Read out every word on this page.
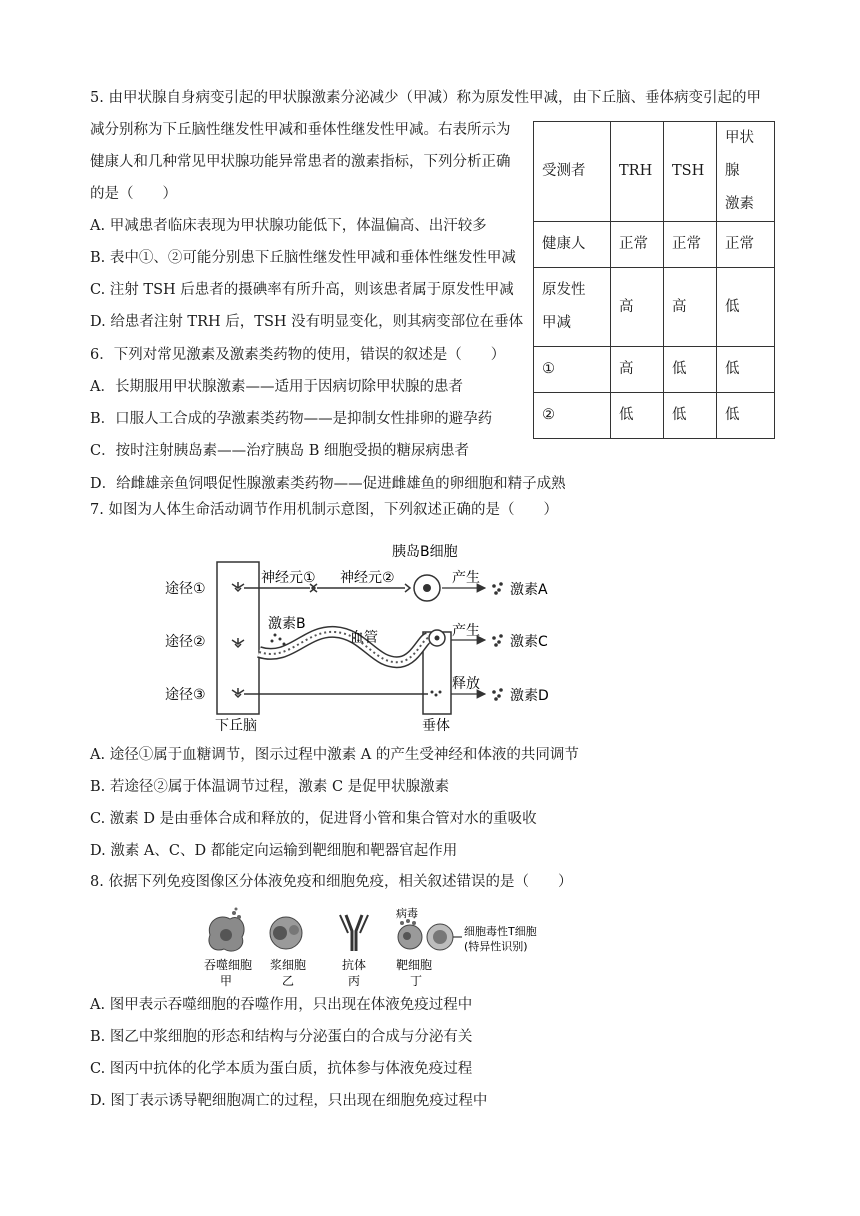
5. 由甲状腺自身病变引起的甲状腺激素分泌减少（甲减）称为原发性甲减，由下丘脑、垂体病变引起的甲
减分别称为下丘脑性继发性甲减和垂体性继发性甲减。右表所示为
健康人和几种常见甲状腺功能异常患者的激素指标，下列分析正确
的是（　　）
A. 甲减患者临床表现为甲状腺功能低下，体温偏高、出汗较多
B. 表中①、②可能分别患下丘脑性继发性甲减和垂体性继发性甲减
C. 注射 TSH 后患者的摄碘率有所升高，则该患者属于原发性甲减
D. 给患者注射 TRH 后，TSH 没有明显变化，则其病变部位在垂体
受测者	TRH	TSH	甲状腺
激素

健康人	正常	正常	正常

原发性
甲减	高	高	低
①	高	低	低
②	低	低	低
6．下列对常见激素及激素类药物的使用，错误的叙述是（　　）
A．长期服用甲状腺激素——适用于因病切除甲状腺的患者
B．口服人工合成的孕激素类药物——是抑制女性排卵的避孕药
C．按时注射胰岛素——治疗胰岛 B 细胞受损的糖尿病患者
D．给雌雄亲鱼饲喂促性腺激素类药物——促进雌雄鱼的卵细胞和精子成熟
7. 如图为人体生命活动调节作用机制示意图，下列叙述正确的是（　　）
胰岛B细胞
途径①
途径②
途径③
神经元① 神经元②
激素B
血管
产生
产生
释放
激素A
激素C
激素D
下丘脑	垂体
A. 途径①属于血糖调节，图示过程中激素 A 的产生受神经和体液的共同调节
B. 若途径②属于体温调节过程，激素 C 是促甲状腺激素
C. 激素 D 是由垂体合成和释放的，促进肾小管和集合管对水的重吸收
D. 激素 A、C、D 都能定向运输到靶细胞和靶器官起作用
8. 依据下列免疫图像区分体液免疫和细胞免疫，相关叙述错误的是（　　）
吞噬细胞
甲
浆细胞
乙
抗体
丙
病毒
靶细胞
丁
细胞毒性T细胞
(特异性识别)
A. 图甲表示吞噬细胞的吞噬作用，只出现在体液免疫过程中
B. 图乙中浆细胞的形态和结构与分泌蛋白的合成与分泌有关
C. 图丙中抗体的化学本质为蛋白质，抗体参与体液免疫过程
D. 图丁表示诱导靶细胞凋亡的过程，只出现在细胞免疫过程中
